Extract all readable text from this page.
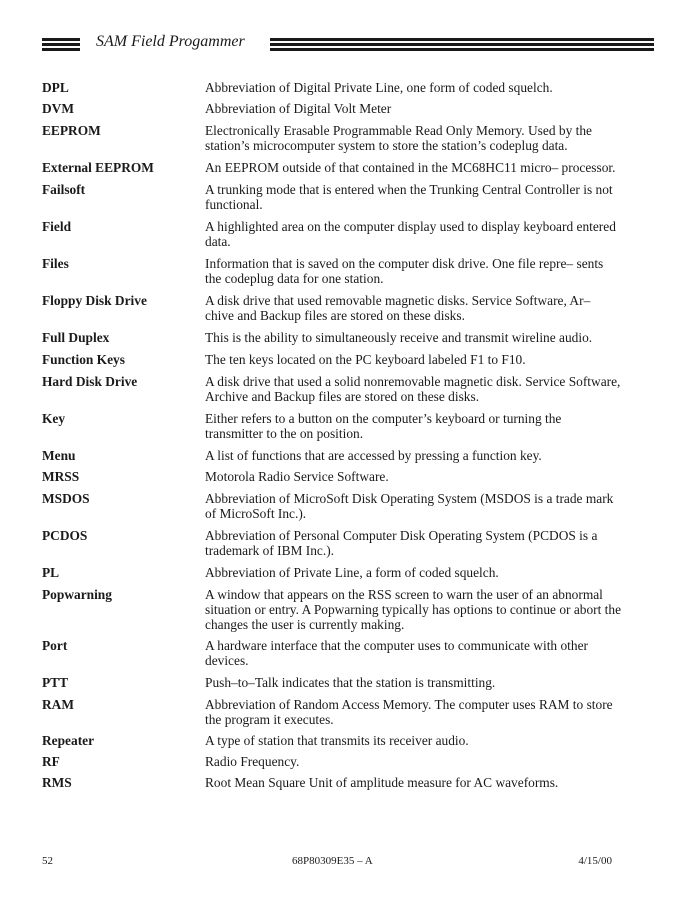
SAM Field Progammer
DPL	Abbreviation of Digital Private Line, one form of coded squelch.
DVM	Abbreviation of Digital Volt Meter
EEPROM	Electronically Erasable Programmable Read Only Memory. Used by the station’s microcomputer system to store the station’s codeplug data.
External EEPROM	An EEPROM outside of that contained in the MC68HC11 micro– processor.
Failsoft	A trunking mode that is entered when the Trunking Central Controller is not functional.
Field	A highlighted area on the computer display used to display keyboard entered data.
Files	Information that is saved on the computer disk drive. One file repre– sents the codeplug data for one station.
Floppy Disk Drive	A disk drive that used removable magnetic disks. Service Software, Ar– chive and Backup files are stored on these disks.
Full Duplex	This is the ability to simultaneously receive and transmit wireline audio.
Function Keys	The ten keys located on the PC keyboard labeled F1 to F10.
Hard Disk Drive	A disk drive that used a solid nonremovable magnetic disk. Service Software, Archive and Backup files are stored on these disks.
Key	Either refers to a button on the computer’s keyboard or turning the transmitter to the on position.
Menu	A list of functions that are accessed by pressing a function key.
MRSS	Motorola Radio Service Software.
MSDOS	Abbreviation of MicroSoft Disk Operating System (MSDOS is a trade mark of MicroSoft Inc.).
PCDOS	Abbreviation of Personal Computer Disk Operating System (PCDOS is a trademark of IBM Inc.).
PL	Abbreviation of Private Line, a form of coded squelch.
Popwarning	A window that appears on the RSS screen to warn the user of an abnormal situation or entry. A Popwarning typically has options to continue or abort the changes the user is currently making.
Port	A hardware interface that the computer uses to communicate with other devices.
PTT	Push–to–Talk indicates that the station is transmitting.
RAM	Abbreviation of Random Access Memory. The computer uses RAM to store the program it executes.
Repeater	A type of station that transmits its receiver audio.
RF	Radio Frequency.
RMS	Root Mean Square Unit of amplitude measure for AC waveforms.
52	68P80309E35 – A	4/15/00
